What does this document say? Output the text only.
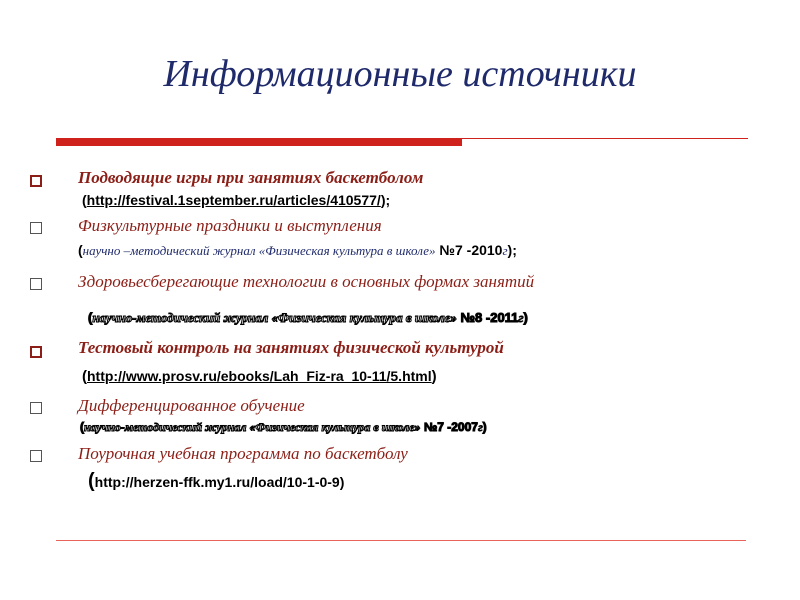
Информационные источники
Подводящие игры при занятиях баскетболом
(http://festival.1september.ru/articles/410577/);
Физкультурные праздники и выступления
(научно –методический журнал «Физическая культура в школе» №7 -2010г);
Здоровьесберегающие технологии в основных формах занятий
(научно-методический журнал «Физическая культура в школе» №8 -2011г)
Тестовый контроль на занятиях физической культурой
(http://www.prosv.ru/ebooks/Lah_Fiz-ra_10-11/5.html)
Дифференцированное обучение
(научно-методический журнал «Физическая культура в школе» №7 -2007г)
Поурочная учебная программа по баскетболу
(http://herzen-ffk.my1.ru/load/10-1-0-9)
